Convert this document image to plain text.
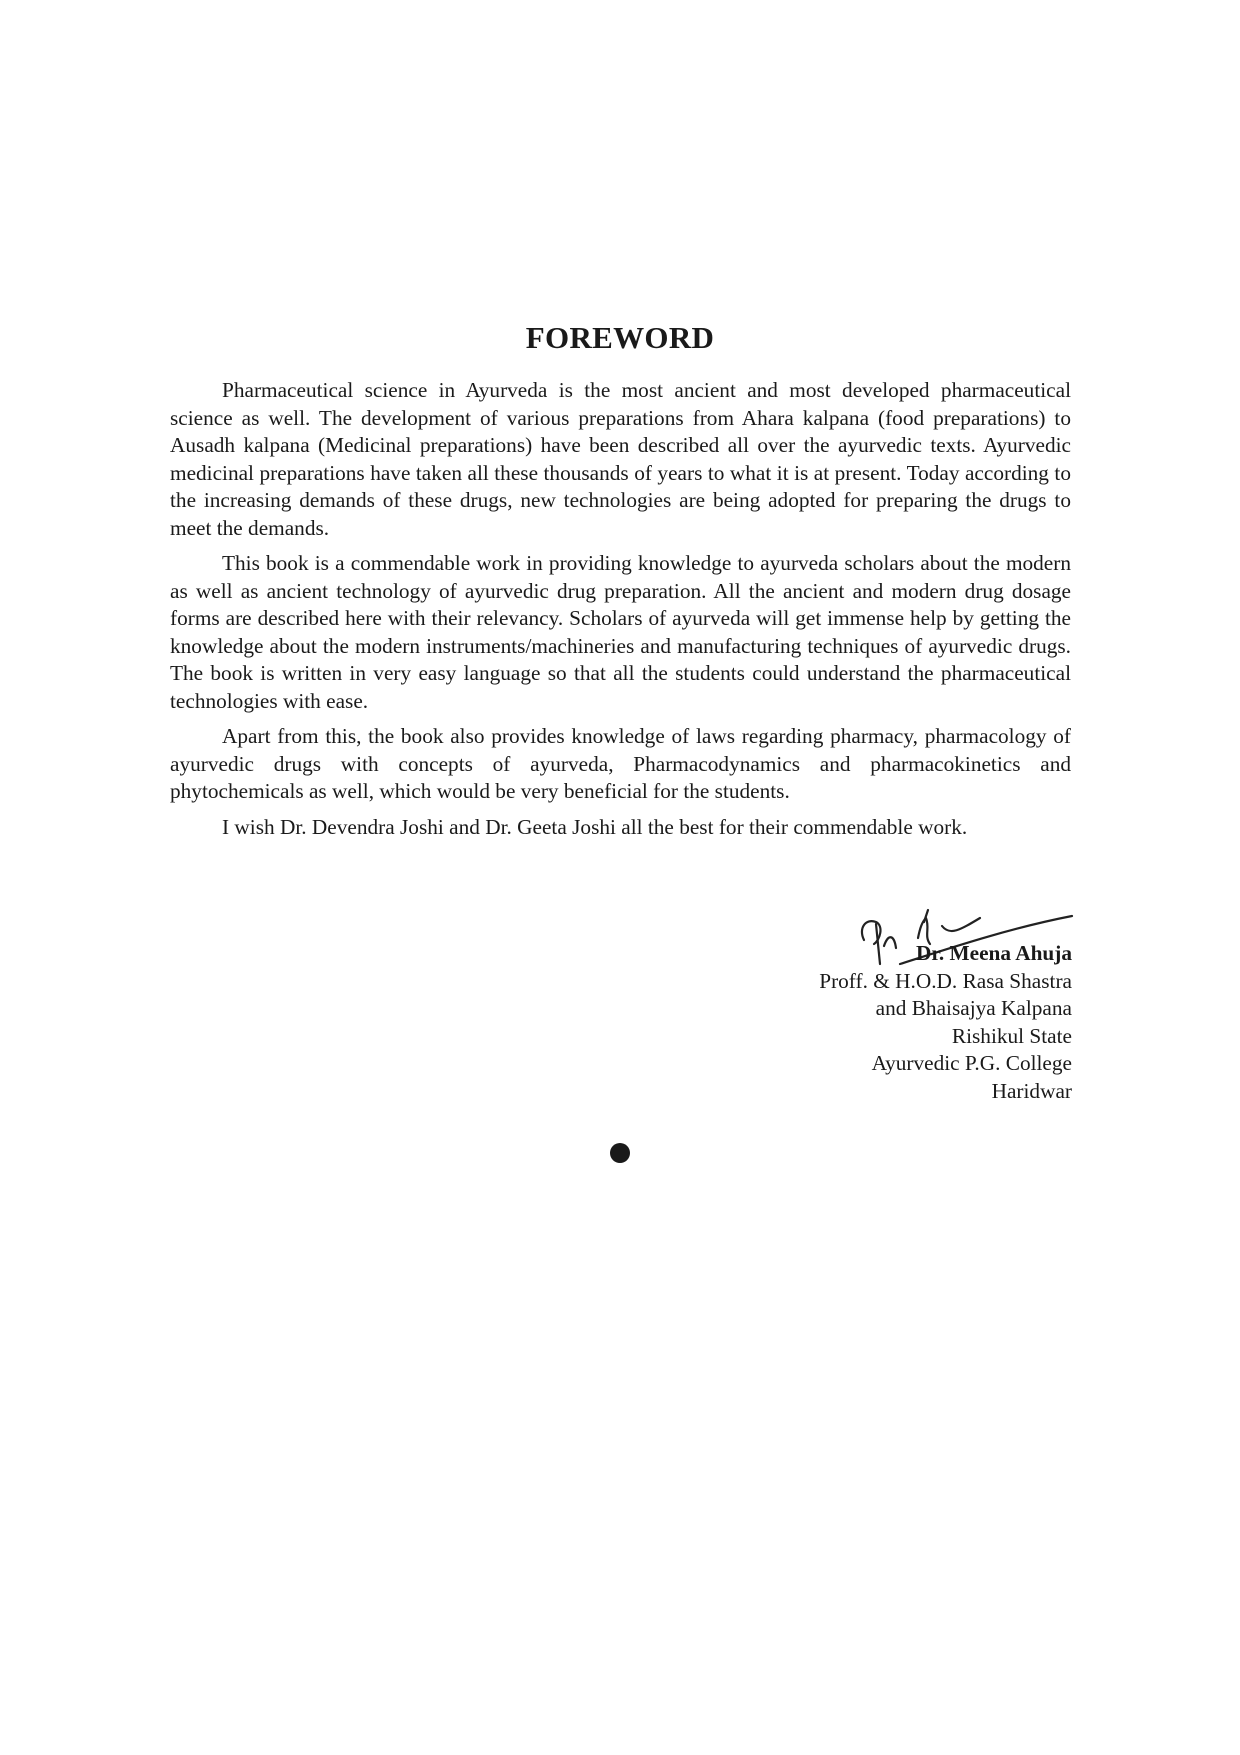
FOREWORD

Pharmaceutical science in Ayurveda is the most ancient and most developed pharmaceutical science as well. The development of various preparations from Ahara kalpana (food preparations) to Ausadh kalpana (Medicinal preparations) have been described all over the ayurvedic texts. Ayurvedic medicinal preparations have taken all these thousands of years to what it is at present. Today according to the increasing demands of these drugs, new technologies are being adopted for preparing the drugs to meet the demands.

This book is a commendable work in providing knowledge to ayurveda scholars about the modern as well as ancient technology of ayurvedic drug preparation. All the ancient and modern drug dosage forms are described here with their relevancy. Scholars of ayurveda will get immense help by getting the knowledge about the modern instruments/machineries and manufacturing techniques of ayurvedic drugs. The book is written in very easy language so that all the students could understand the pharmaceutical technologies with ease.

Apart from this, the book also provides knowledge of laws regarding pharmacy, pharmacology of ayurvedic drugs with concepts of ayurveda, Pharmacodynamics and pharmacokinetics and phytochemicals as well, which would be very beneficial for the students.

I wish Dr. Devendra Joshi and Dr. Geeta Joshi all the best for their commendable work.

Dr. Meena Ahuja
Proff. & H.O.D. Rasa Shastra
and Bhaisajya Kalpana
Rishikul State
Ayurvedic P.G. College
Haridwar
